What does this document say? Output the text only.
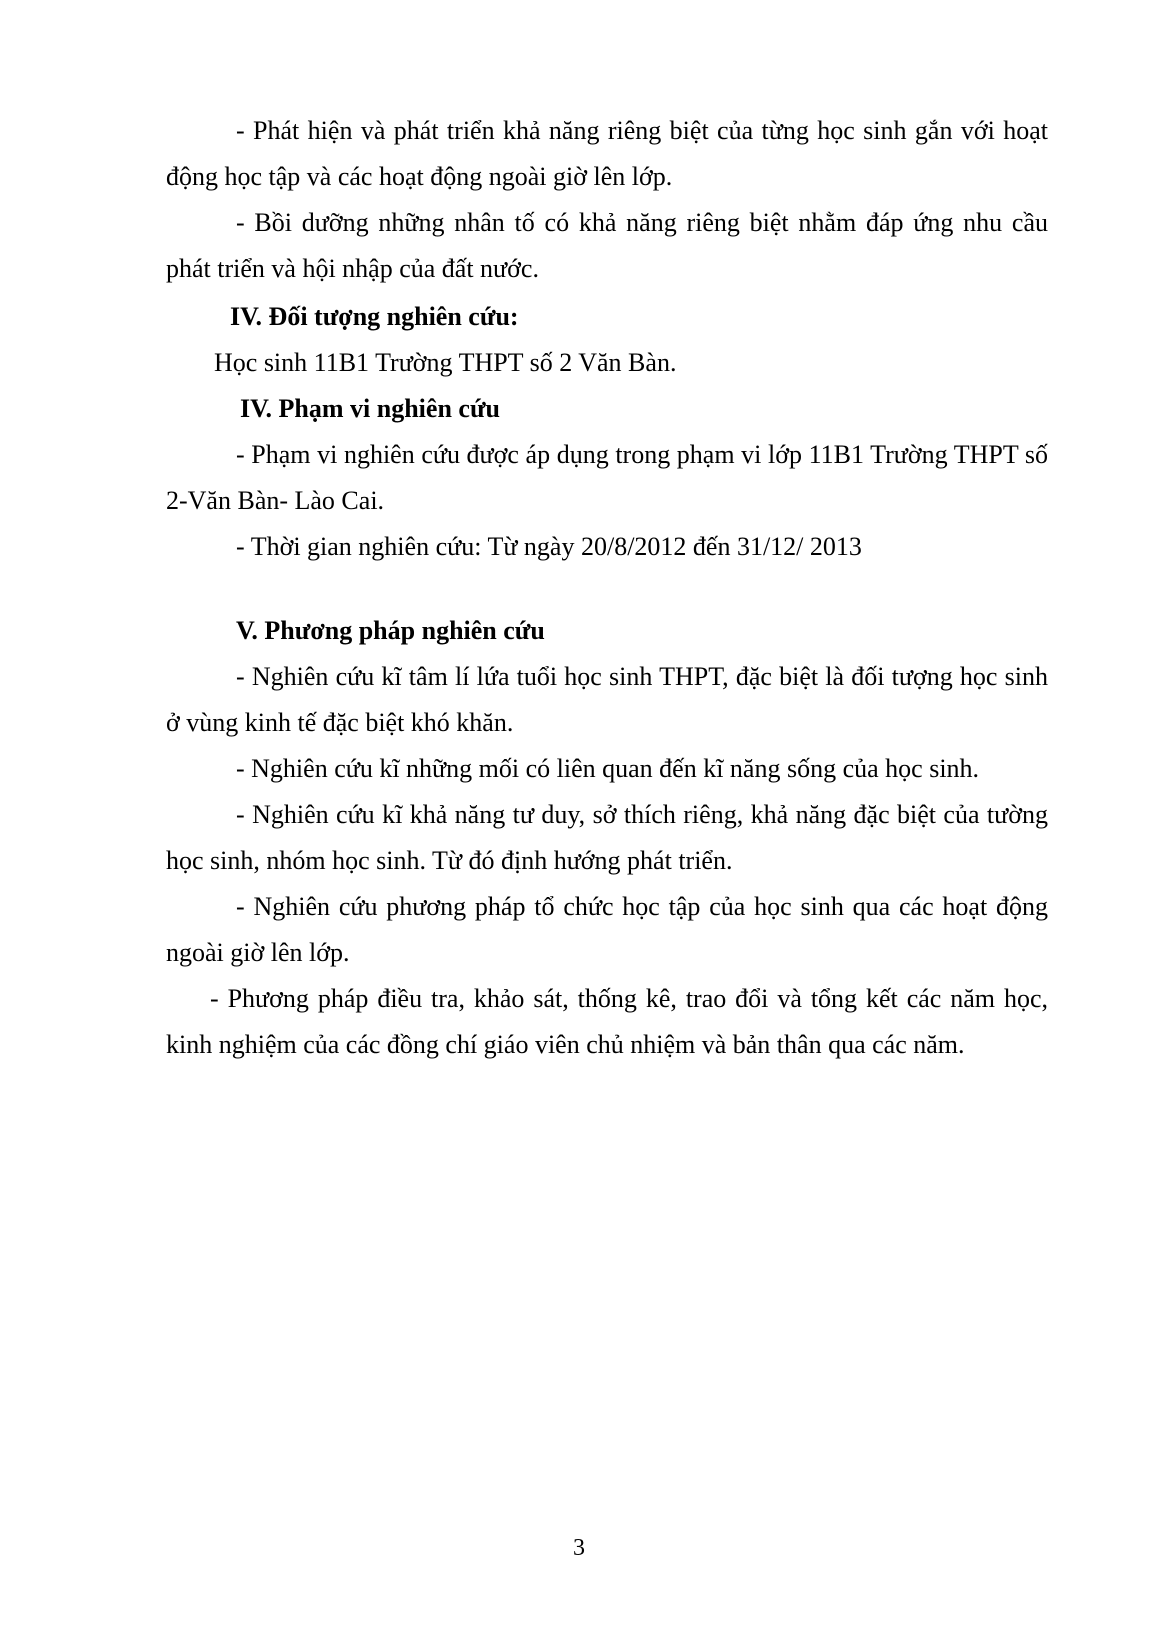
- Phát hiện và phát triển khả năng riêng biệt của từng học sinh gắn với hoạt động học tập và các hoạt động ngoài giờ lên lớp.

- Bồi dưỡng những nhân tố có khả năng riêng biệt nhằm đáp ứng nhu cầu phát triển và hội nhập của đất nước.

IV. Đối tượng nghiên cứu:

Học sinh 11B1 Trường THPT số 2 Văn Bàn.

IV. Phạm vi nghiên cứu

- Phạm vi nghiên cứu được áp dụng trong phạm vi lớp 11B1 Trường THPT số 2-Văn Bàn- Lào Cai.

- Thời gian nghiên cứu: Từ ngày 20/8/2012 đến 31/12/ 2013

V. Phương pháp nghiên cứu

- Nghiên cứu kĩ tâm lí lứa tuổi học sinh THPT, đặc biệt là đối tượng học sinh ở vùng kinh tế đặc biệt khó khăn.

- Nghiên cứu kĩ những mối có liên quan đến kĩ năng sống của học sinh.

- Nghiên cứu kĩ khả năng tư duy, sở thích riêng, khả năng đặc biệt của tường học sinh, nhóm học sinh. Từ đó định hướng phát triển.

- Nghiên cứu phương pháp tổ chức học tập của học sinh qua các hoạt động ngoài giờ lên lớp.

- Phương pháp điều tra, khảo sát, thống kê, trao đổi và tổng kết các năm học, kinh nghiệm của các đồng chí giáo viên chủ nhiệm và bản thân qua các năm.

3
